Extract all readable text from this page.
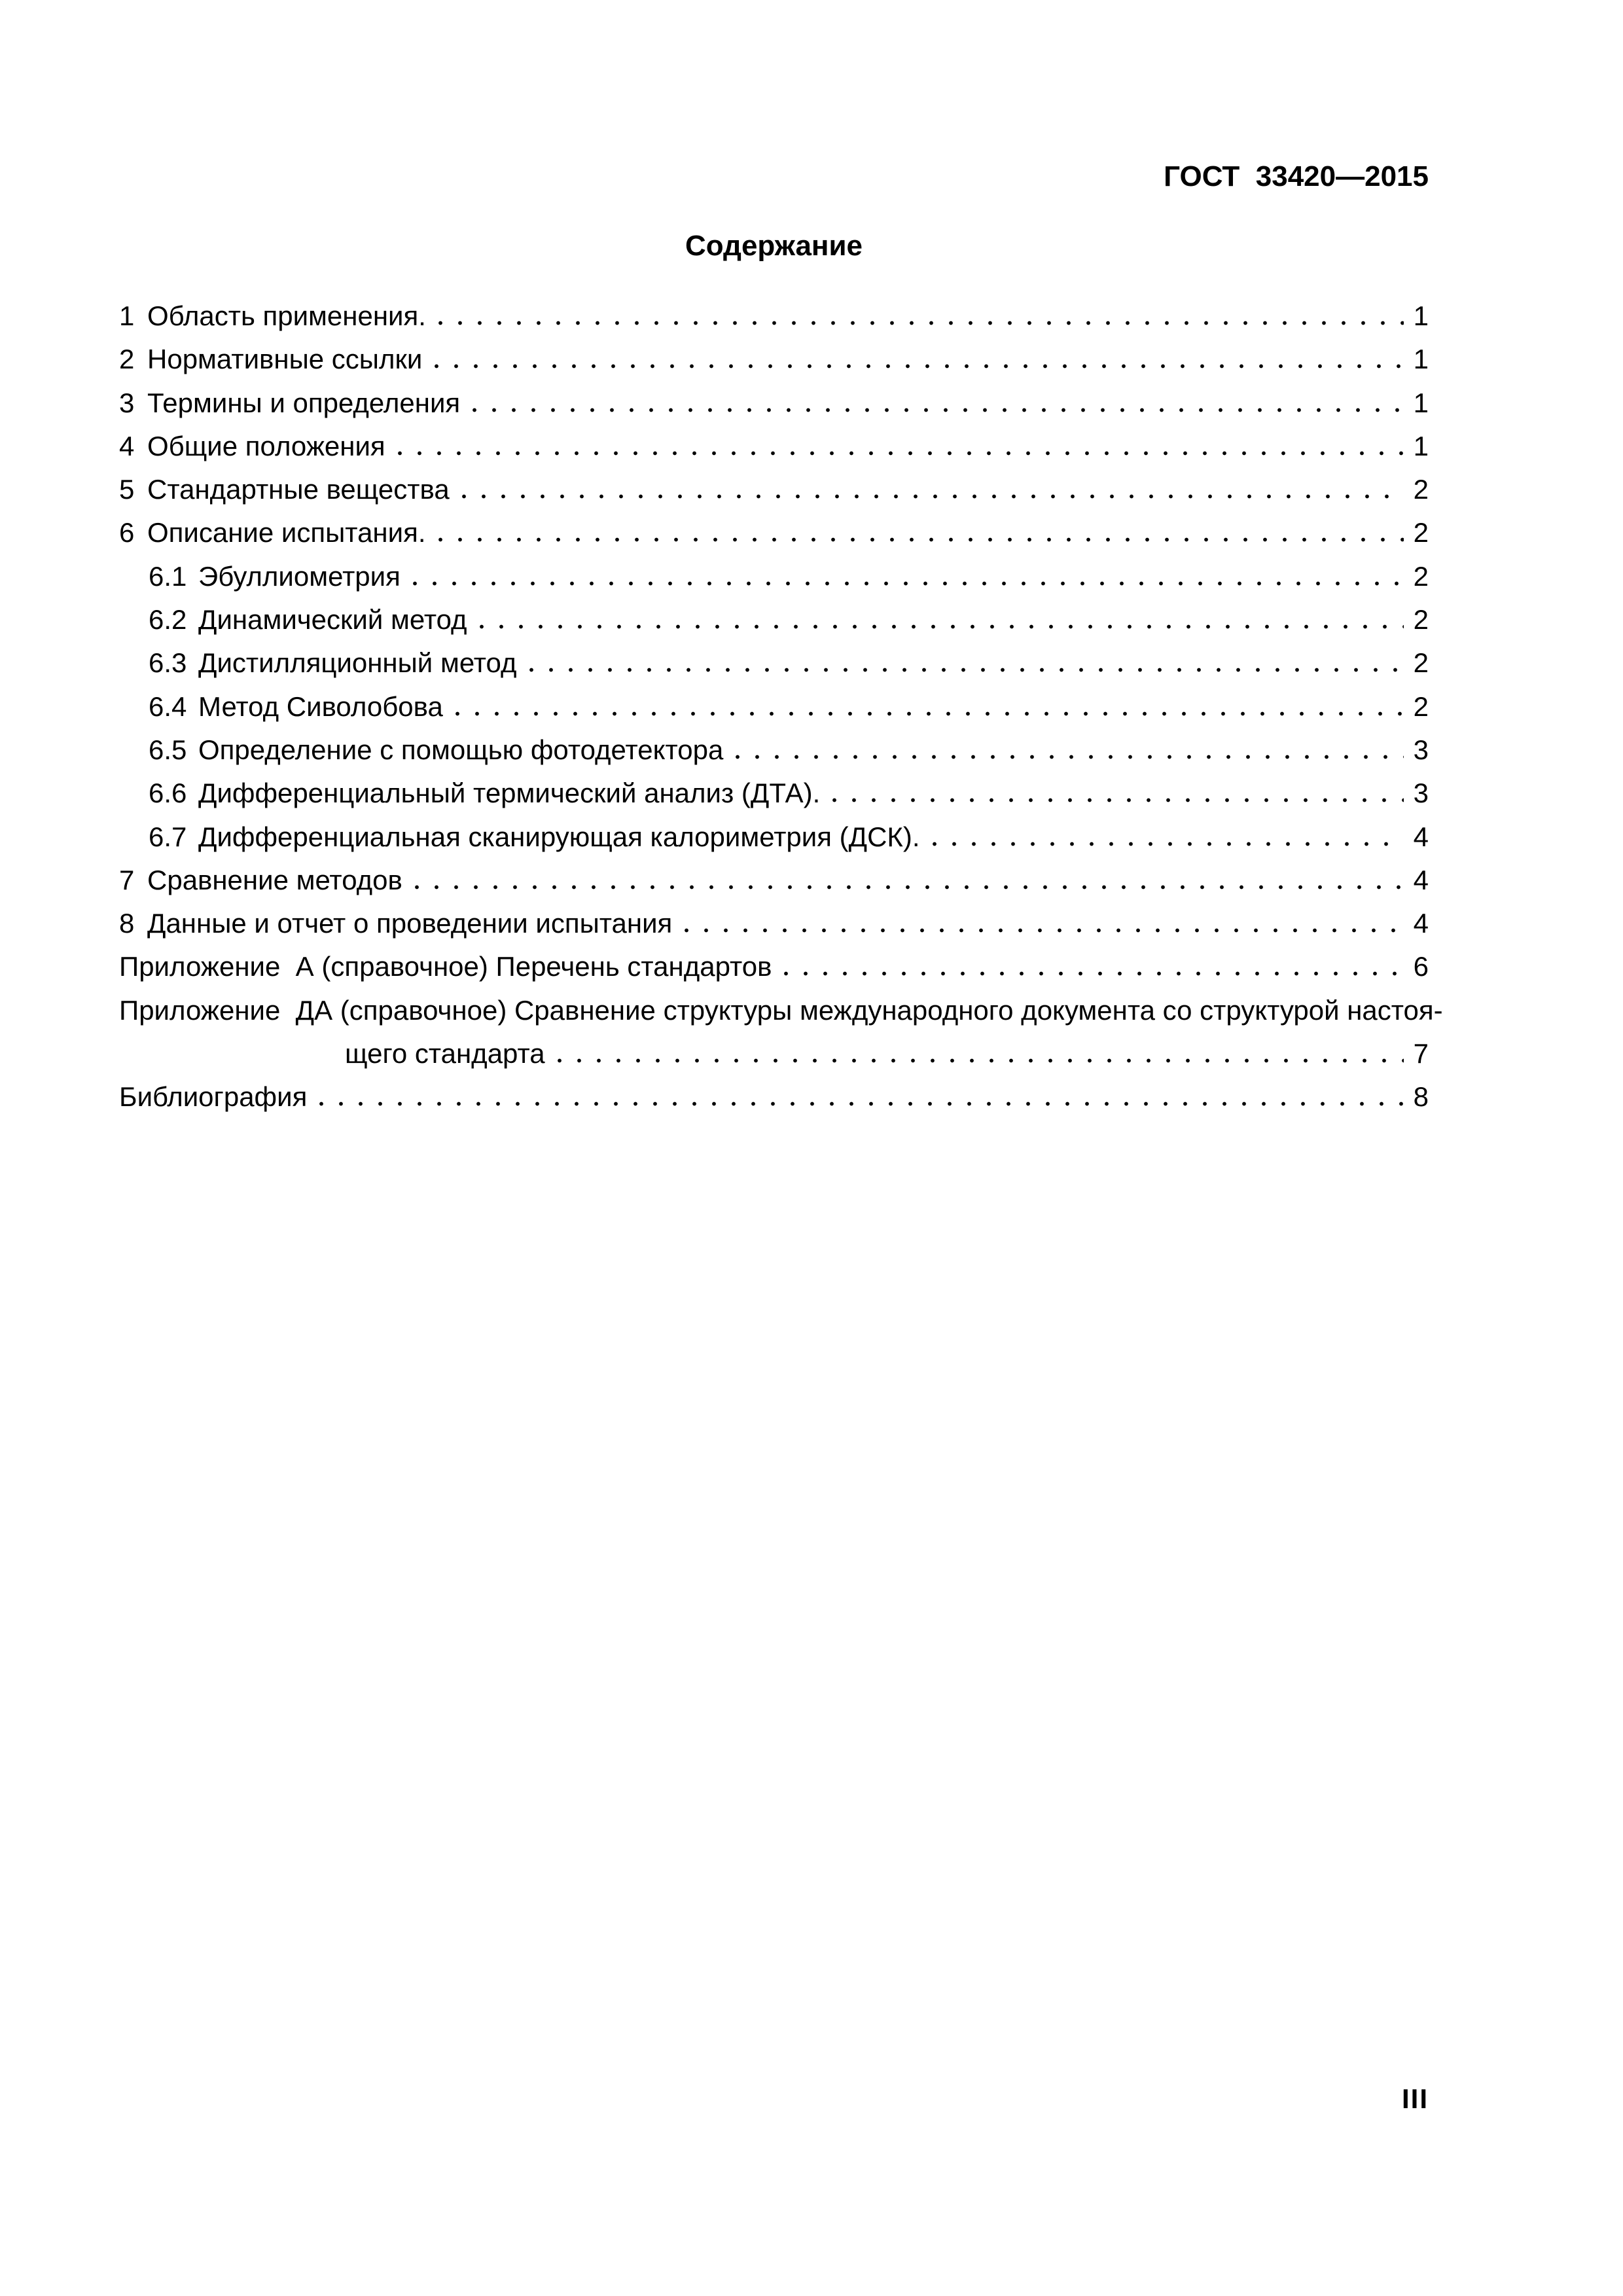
ГОСТ  33420—2015
Содержание
1 Область применения.	1
2 Нормативные ссылки	1
3 Термины и определения	1
4 Общие положения	1
5 Стандартные вещества	2
6 Описание испытания.	2
6.1 Эбуллиометрия	2
6.2 Динамический метод	2
6.3 Дистилляционный метод	2
6.4 Метод Сиволобова	2
6.5 Определение с помощью фотодетектора	3
6.6 Дифференциальный термический анализ (ДТА).	3
6.7 Дифференциальная сканирующая калориметрия (ДСК).	4
7 Сравнение методов	4
8 Данные и отчет о проведении испытания	4
Приложение  А (справочное) Перечень стандартов	6
Приложение  ДА (справочное) Сравнение структуры международного документа со структурой настоя-
щего стандарта	7
Библиография	8
III
